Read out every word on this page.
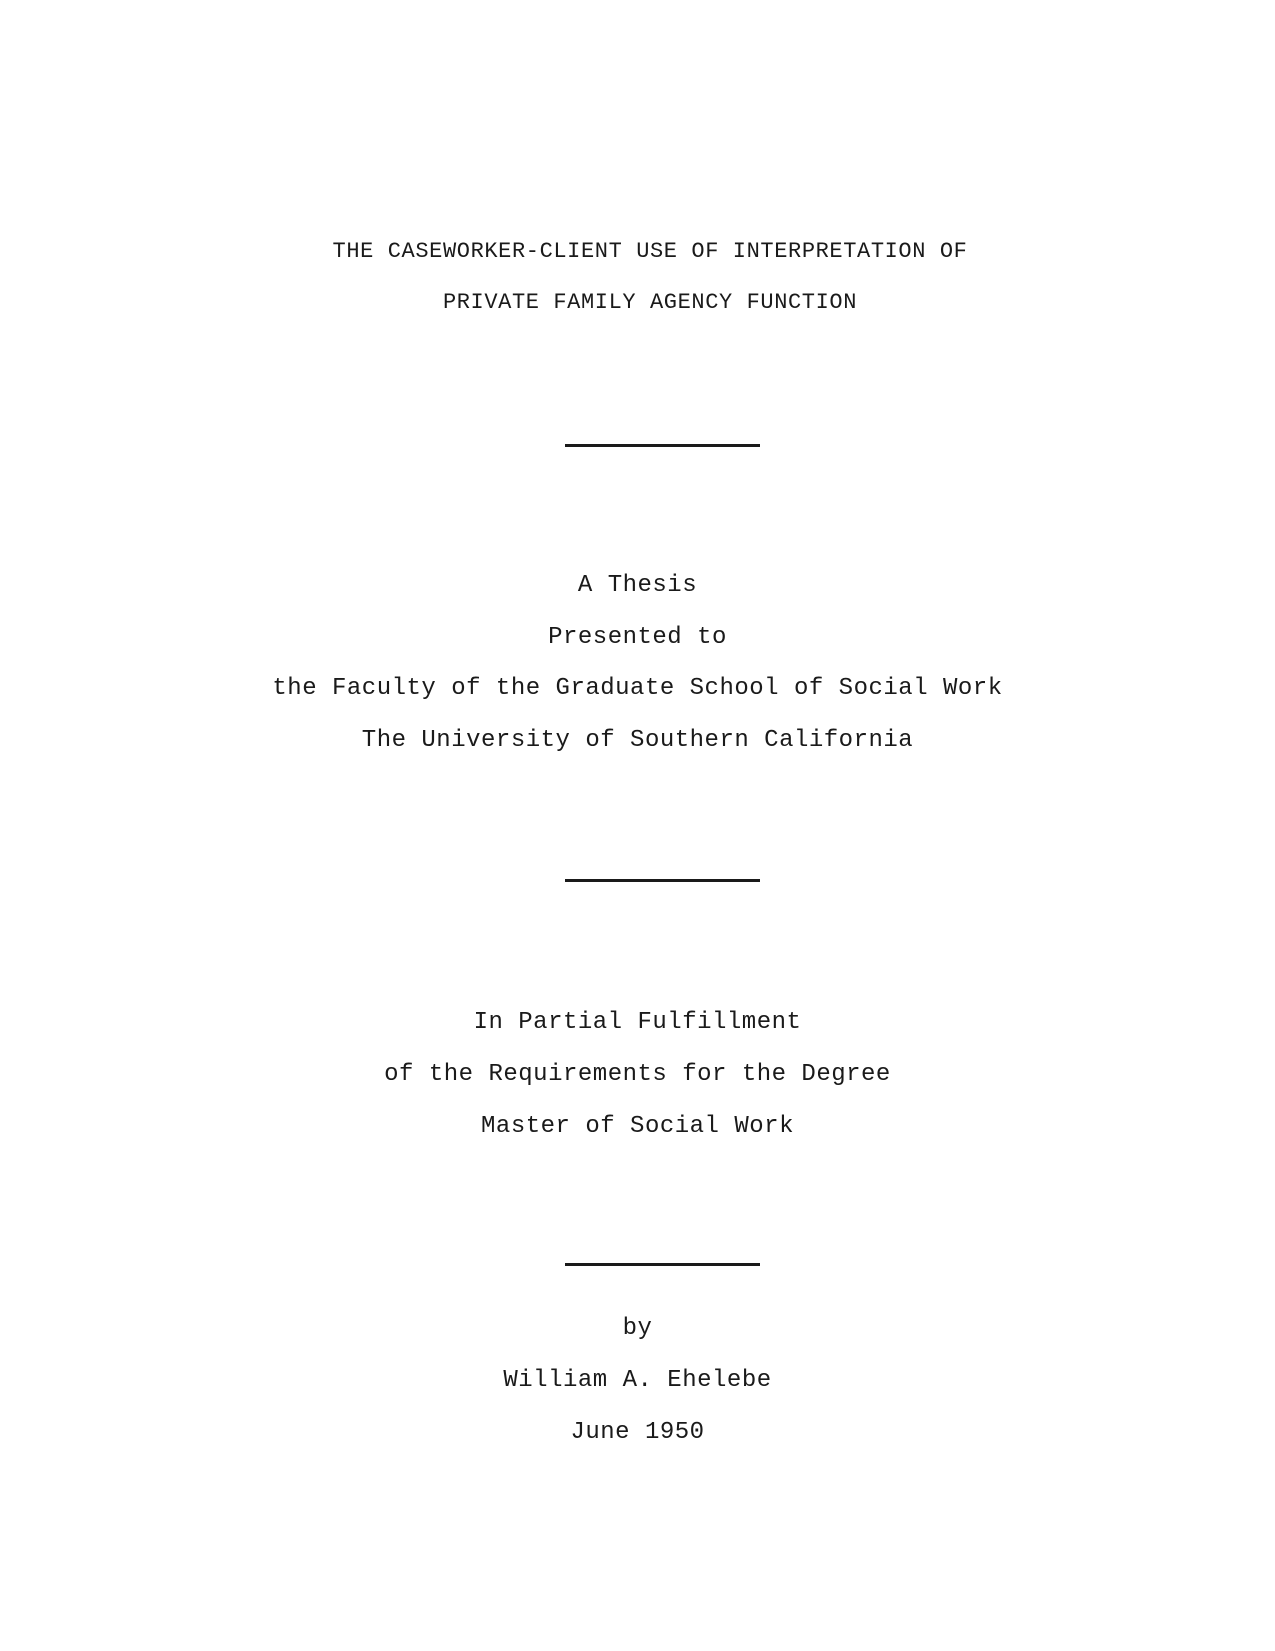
THE CASEWORKER-CLIENT USE OF INTERPRETATION OF
PRIVATE FAMILY AGENCY FUNCTION
A Thesis
Presented to
the Faculty of the Graduate School of Social Work
The University of Southern California
In Partial Fulfillment
of the Requirements for the Degree
Master of Social Work
by
William A. Ehelebe
June 1950
